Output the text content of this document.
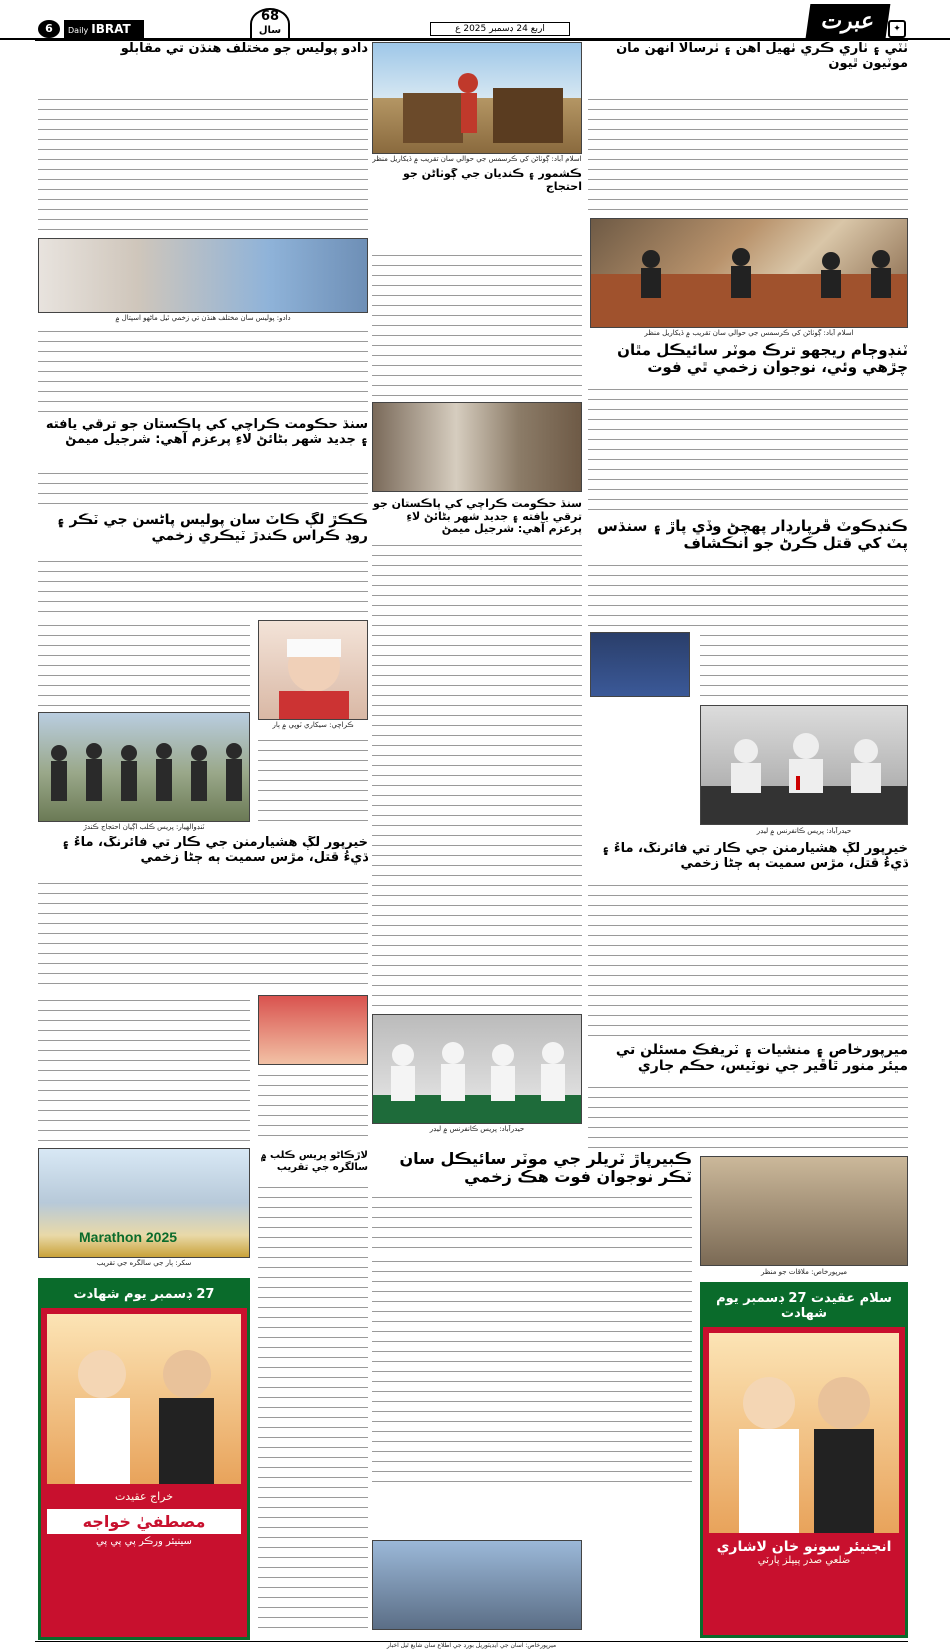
6	Daily IBRAT
68
سال	اربع 24 ڊسمبر 2025 ع	عبرت	✦
ٺٽي ۽ ٺاري ڪري ٺهيل آهن ۽ ٺرسالا انهن مان موٽيون ٿيون
اسلام آباد: ڳوٺاڻن کي ڪرسمس جي حوالي سان تقريب ۾ ڏيکاريل منظر
ٽنڊوڄام ريجهو ترڪ موٽر سائيڪل مٿان چڙهي وئي، نوجوان زخمي ٿي فوت
ڪنڊڪوٽ ڦرپارڊار پهچڻ وڏي پاڙ ۽ سنڌس پٽ کي قتل ڪرڻ جو انڪشاف
حيدرآباد: پريس ڪانفرنس ۾ ليڊر
خيرپور لڳ هشيارمنن جي ڪار تي فائرنگ، ماءُ ۽ ڌيءُ قتل، مڙس سميت ٻه ڄڻا زخمي
ميرپورخاص ۽ منشيات ۽ ٽريفڪ مسئلن تي ميئر منور ٿاڦير جي نوٽيس، حڪم جاري
ميرپورخاص: ملاقات جو منظر
سلام عقيدت 27 ڊسمبر يوم شهادت
انجنيئر سونو خان لاشاري
ضلعي صدر پيپلز پارٽي
اسلام آباد: ڳوٺاڻن کي ڪرسمس جي حوالي سان تقريب ۾ ڏيکاريل منظر
ڪشمور ۽ ڪنديان جي ڳوٺاڻن جو احتجاج
سنڌ حڪومت ڪراچي کي پاڪستان جو ترقي يافته ۽ جديد شهر بڻائڻ لاءِ پرعزم آهي: شرجيل ميمڻ
حيدرآباد: پريس ڪانفرنس ۾ ليڊر
ڪبيرپاڙ ٽريلر جي موٽر سائيڪل سان ٽڪر نوجوان فوت هڪ زخمي
دادو پوليس جو مختلف هنڌن تي مقابلو
دادو: پوليس سان مختلف هنڌن تي زخمي ٿيل ماڻهو اسپتال ۾
سنڌ حڪومت ڪراچي کي پاڪستان جو ترقي يافته ۽ جديد شهر بڻائڻ لاءِ پرعزم آهي: شرجيل ميمڻ
ڪڪڙ لڳ ڪاٽ سان پوليس پاڻسن جي ٽڪر ۽ روڊ ڪراس ڪندڙ ٽيڪري زخمي
ڪراچي: سيکاري ٽوپي ۾ ٻار
ٽنڊوالهيار: پريس ڪلب اڳيان احتجاج ڪندڙ
خيرپور لڳ هشيارمنن جي ڪار تي فائرنگ، ماءُ ۽ ڌيءُ قتل، مڙس سميت ٻه ڄڻا زخمي
Marathon 2025
سکر: ٻار جي سالگره جي تقريب
27 ڊسمبر يوم شهادت
خراج عقيدت
مصطفيٰ خواجه
سينيئر ورڪر پي پي پي
لاڙڪاڻو پريس ڪلب ۾ سالگره جي تقريب
ميرپورخاص: اسان جي ايڊيٽوريل بورڊ جي اطلاع سان شايع ٿيل اخبار
